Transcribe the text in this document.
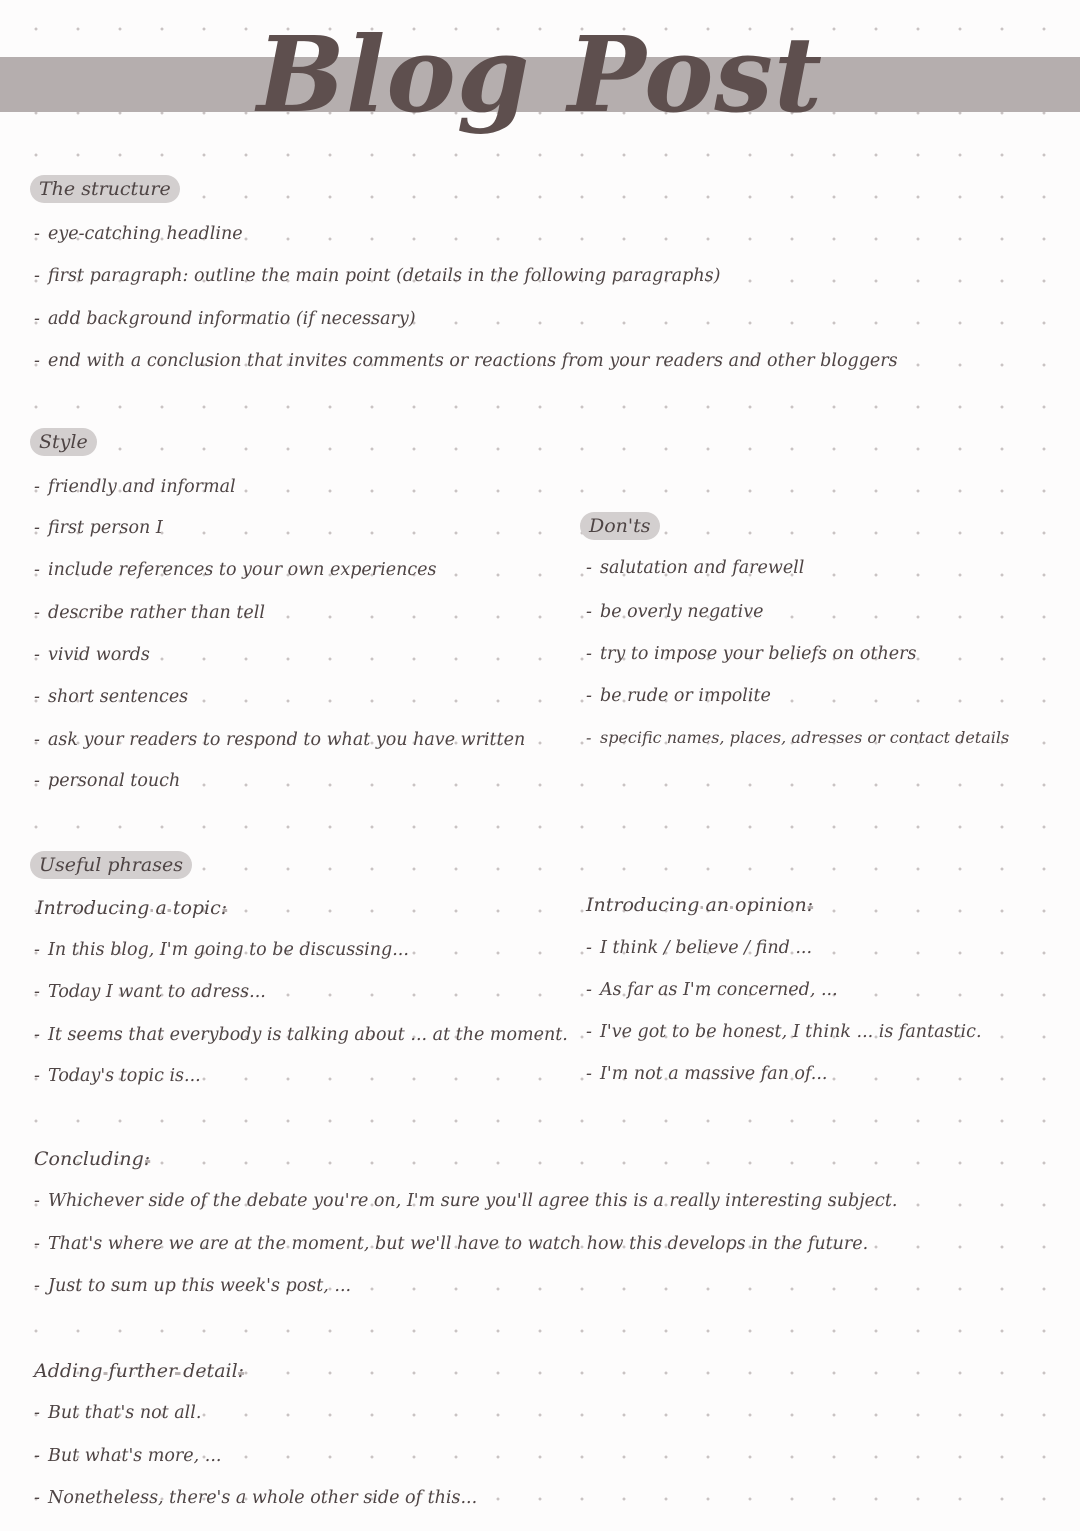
Blog Post
The structure
- eye-catching headline
- first paragraph: outline the main point (details in the following paragraphs)
- add background informatio (if necessary)
- end with a conclusion that invites comments or reactions from your readers and other bloggers
Style
- friendly and informal
- first person I
- include references to your own experiences
- describe rather than tell
- vivid words
- short sentences
- ask your readers to respond to what you have written
- personal touch
Don'ts
- salutation and farewell
- be overly negative
- try to impose your beliefs on others
- be rude or impolite
- specific names, places, adresses or contact details
Useful phrases
Introducing a topic:
- In this blog, I'm going to be discussing...
- Today I want to adress...
- It seems that everybody is talking about ... at the moment.
- Today's topic is...
Introducing an opinion:
- I think / believe / find ...
- As far as I'm concerned, ...
- I've got to be honest, I think ... is fantastic.
- I'm not a massive fan of...
Concluding:
- Whichever side of the debate you're on, I'm sure you'll agree this is a really interesting subject.
- That's where we are at the moment, but we'll have to watch how this develops in the future.
- Just to sum up this week's post, ...
Adding further detail:
- But that's not all.
- But what's more, ...
- Nonetheless, there's a whole other side of this...
